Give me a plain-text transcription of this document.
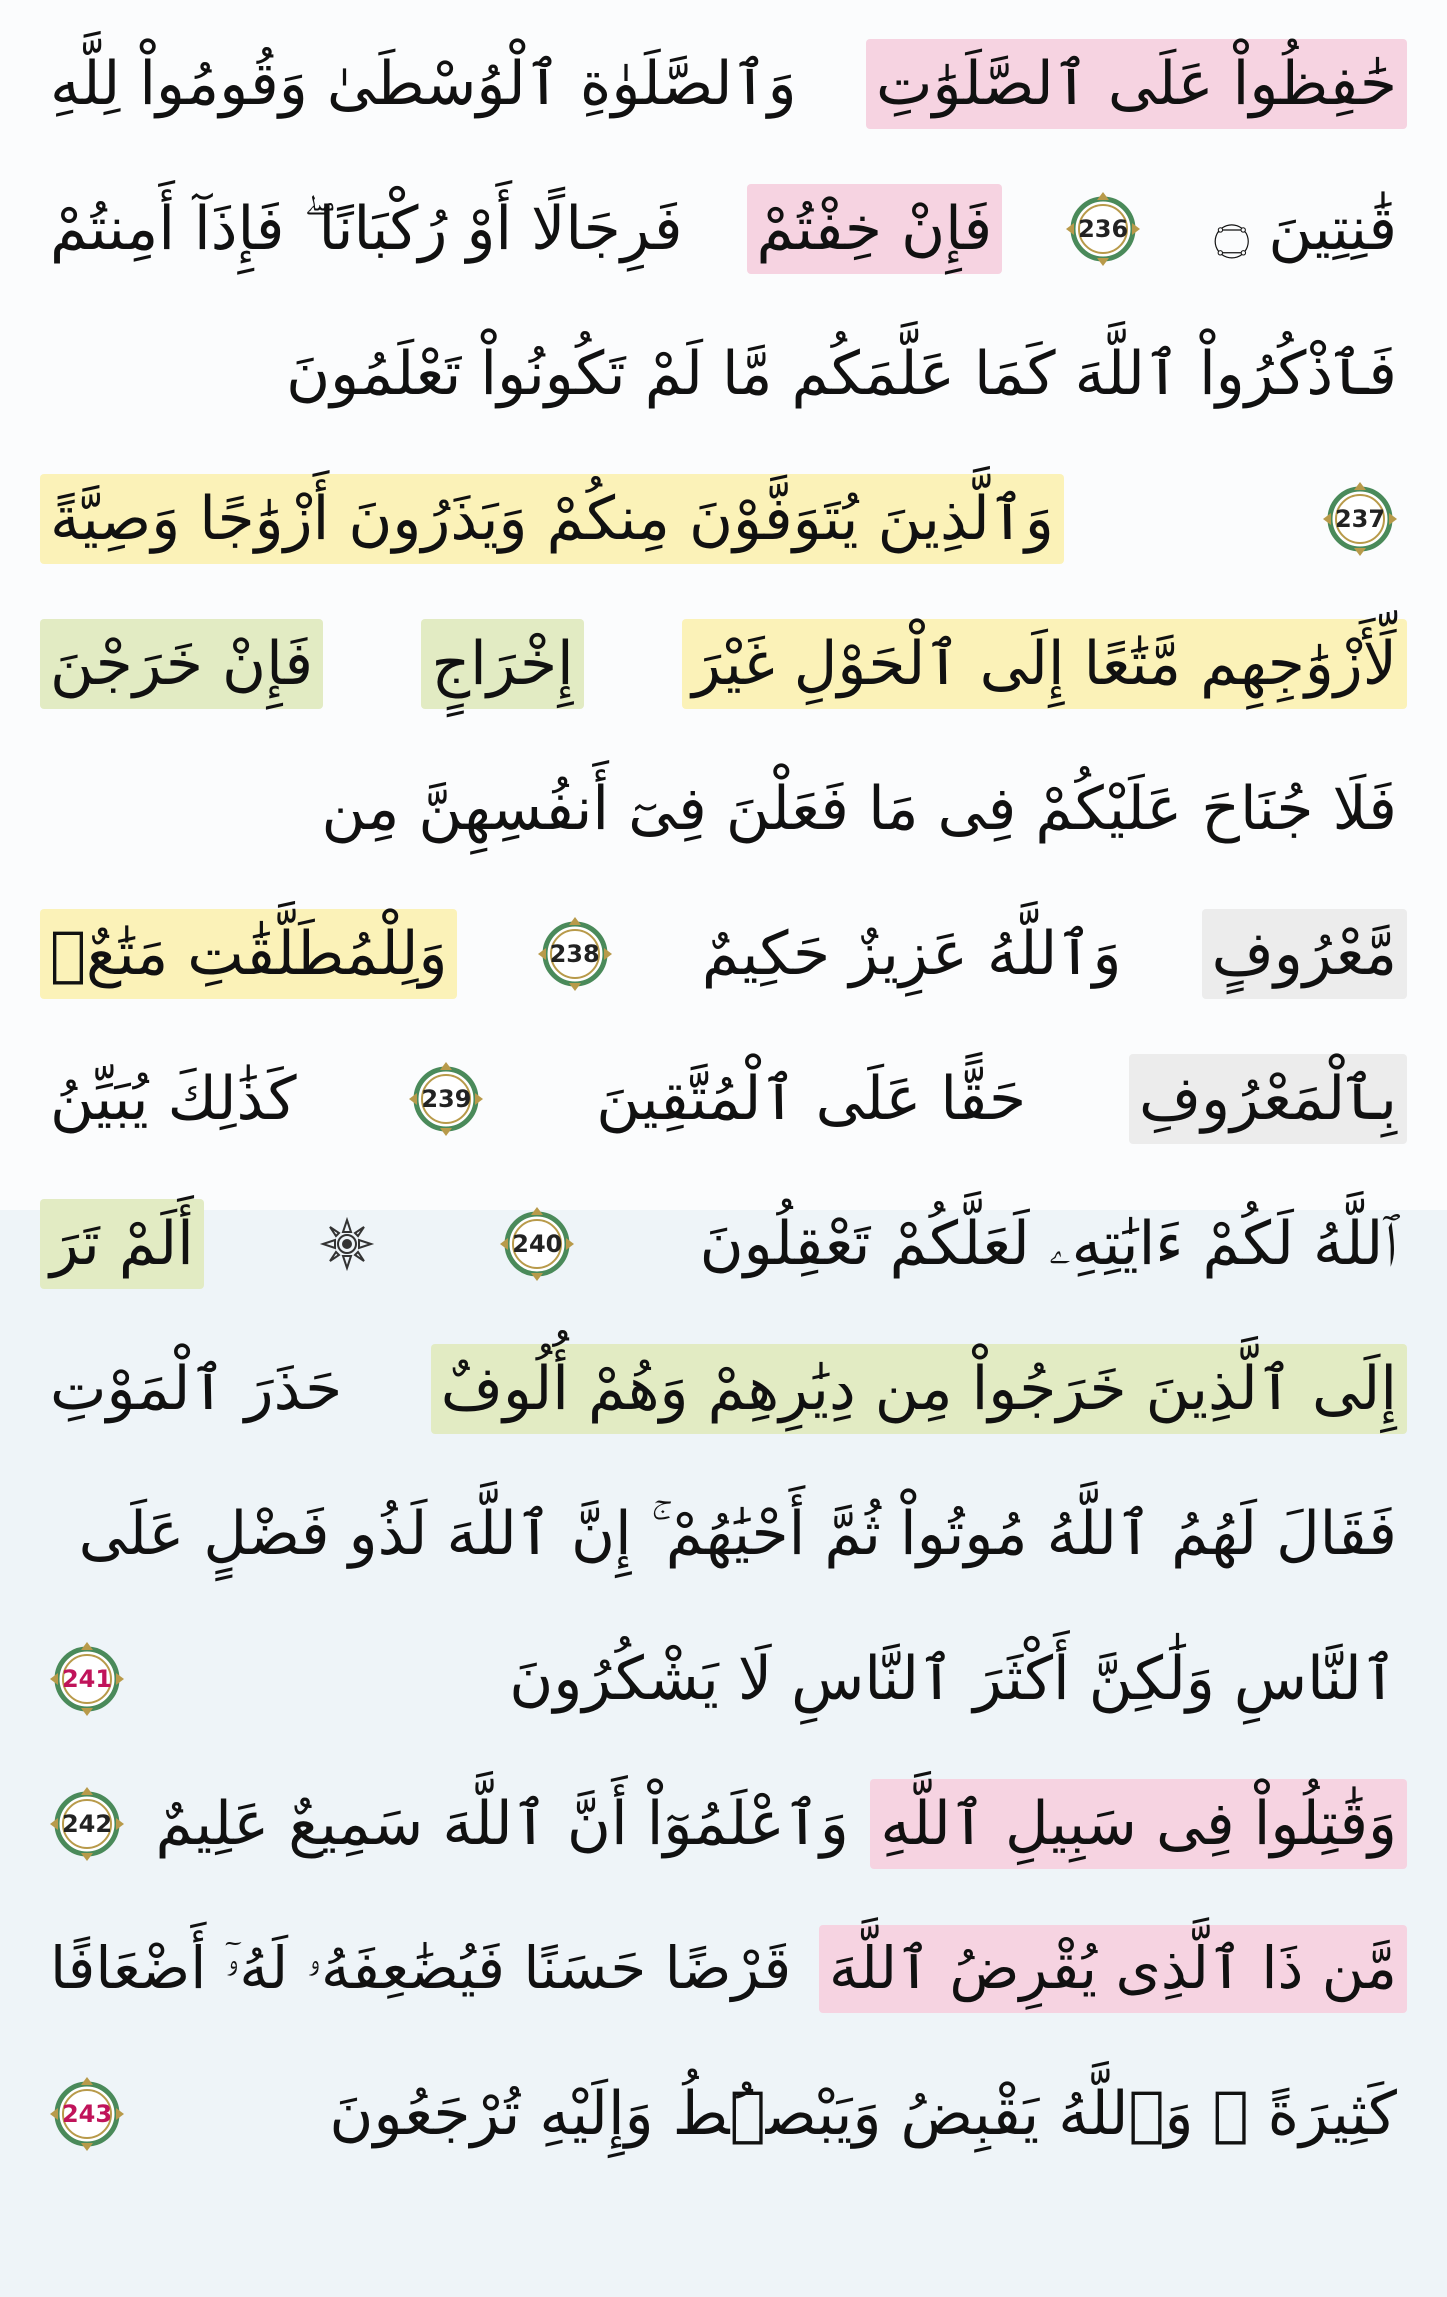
حَٰفِظُواْ عَلَى ٱلصَّلَوَٰتِ
وَٱلصَّلَوٰةِ ٱلْوُسْطَىٰ وَقُومُواْ لِلَّهِ
قَٰنِتِينَ ۝
236
فَإِنْ خِفْتُمْ
فَرِجَالًا أَوْ رُكْبَانًا ۖ فَإِذَآ أَمِنتُمْ
فَٱذْكُرُواْ ٱللَّهَ كَمَا عَلَّمَكُم مَّا لَمْ تَكُونُواْ تَعْلَمُونَ
237
وَٱلَّذِينَ يُتَوَفَّوْنَ مِنكُمْ وَيَذَرُونَ أَزْوَٰجًا وَصِيَّةً
لِّأَزْوَٰجِهِم مَّتَٰعًا إِلَى ٱلْحَوْلِ غَيْرَ
إِخْرَاجٍ
فَإِنْ خَرَجْنَ
فَلَا جُنَاحَ عَلَيْكُمْ فِى مَا فَعَلْنَ فِىٓ أَنفُسِهِنَّ مِن
مَّعْرُوفٍ
وَٱللَّهُ عَزِيزٌ حَكِيمٌ
238
وَلِلْمُطَلَّقَٰتِ مَتَٰعٌۢ
بِٱلْمَعْرُوفِ
حَقًّا عَلَى ٱلْمُتَّقِينَ
239
كَذَٰلِكَ يُبَيِّنُ
ٱللَّهُ لَكُمْ ءَايَٰتِهِۦ لَعَلَّكُمْ تَعْقِلُونَ
240
أَلَمْ تَرَ
إِلَى ٱلَّذِينَ خَرَجُواْ مِن دِيَٰرِهِمْ وَهُمْ أُلُوفٌ
حَذَرَ ٱلْمَوْتِ
فَقَالَ لَهُمُ ٱللَّهُ مُوتُواْ ثُمَّ أَحْيَٰهُمْ ۚ إِنَّ ٱللَّهَ لَذُو فَضْلٍ عَلَى
ٱلنَّاسِ وَلَٰكِنَّ أَكْثَرَ ٱلنَّاسِ لَا يَشْكُرُونَ
241
وَقَٰتِلُواْ فِى سَبِيلِ ٱللَّهِ
وَٱعْلَمُوٓاْ أَنَّ ٱللَّهَ سَمِيعٌ عَلِيمٌ
242
مَّن ذَا ٱلَّذِى يُقْرِضُ ٱللَّهَ
قَرْضًا حَسَنًا فَيُضَٰعِفَهُۥ لَهُۥٓ أَضْعَافًا
كَثِيرَةً ۚ وَٱللَّهُ يَقْبِضُ وَيَبْصُۜطُ وَإِلَيْهِ تُرْجَعُونَ
243
